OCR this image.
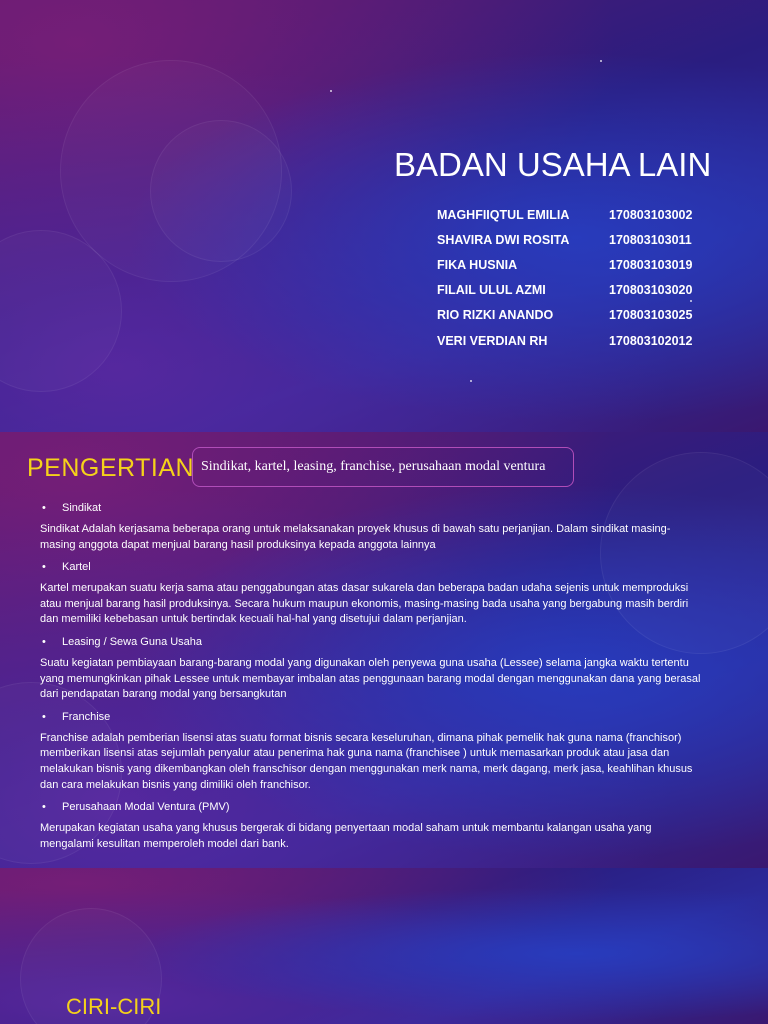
BADAN USAHA LAIN
MAGHFIIQTUL EMILIA	170803103002
SHAVIRA DWI ROSITA	170803103011
FIKA HUSNIA	170803103019
FILAIL ULUL AZMI	170803103020
RIO RIZKI ANANDO	170803103025
VERI VERDIAN RH	170803102012
PENGERTIAN Sindikat, kartel, leasing, franchise, perusahaan modal ventura
•	Sindikat
Sindikat Adalah kerjasama beberapa orang untuk melaksanakan proyek khusus di bawah satu perjanjian. Dalam sindikat masing-
masing anggota dapat menjual barang hasil produksinya kepada anggota lainnya
•	Kartel
Kartel merupakan suatu kerja sama atau penggabungan atas dasar sukarela dan beberapa badan udaha sejenis untuk memproduksi
atau menjual barang hasil produksinya. Secara hukum maupun ekonomis, masing-masing bada usaha yang bergabung masih berdiri
dan memiliki kebebasan untuk bertindak kecuali hal-hal yang disetujui dalam perjanjian.
•	Leasing / Sewa Guna Usaha
Suatu kegiatan pembiayaan barang-barang modal yang digunakan oleh penyewa guna usaha (Lessee) selama jangka waktu tertentu
yang memungkinkan pihak Lessee untuk membayar imbalan atas penggunaan barang modal dengan menggunakan dana yang berasal
dari pendapatan barang modal yang bersangkutan
•	Franchise
Franchise adalah pemberian lisensi atas suatu format bisnis secara keseluruhan, dimana pihak pemelik hak guna nama (franchisor)
memberikan lisensi atas sejumlah penyalur atau penerima hak guna nama (franchisee ) untuk memasarkan produk atau jasa dan
melakukan bisnis yang dikembangkan oleh franschisor dengan menggunakan merk nama, merk dagang, merk jasa, keahlihan khusus
dan cara melakukan bisnis yang dimiliki oleh franchisor.
•	Perusahaan Modal Ventura (PMV)
Merupakan kegiatan usaha yang khusus bergerak di bidang penyertaan modal saham untuk membantu kalangan usaha yang
mengalami kesulitan memperoleh model dari bank.
CIRI-CIRI
